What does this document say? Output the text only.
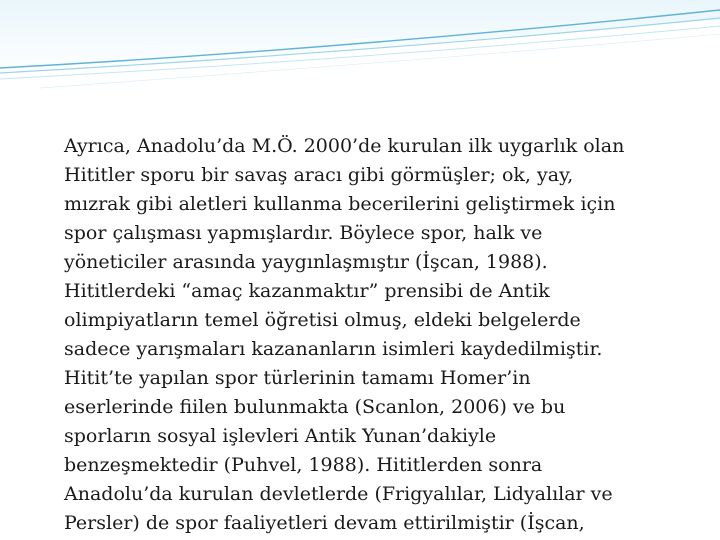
Ayrıca, Anadolu’da M.Ö. 2000’de kurulan ilk uygarlık olan
Hititler sporu bir savaş aracı gibi görmüşler; ok, yay,
mızrak gibi aletleri kullanma becerilerini geliştirmek için
spor çalışması yapmışlardır. Böylece spor, halk ve
yöneticiler arasında yaygınlaşmıştır (İşcan, 1988).
Hititlerdeki “amaç kazanmaktır” prensibi de Antik
olimpiyatların temel öğretisi olmuş, eldeki belgelerde
sadece yarışmaları kazananların isimleri kaydedilmiştir.
Hitit’te yapılan spor türlerinin tamamı Homer’in
eserlerinde fiilen bulunmakta (Scanlon, 2006) ve bu
sporların sosyal işlevleri Antik Yunan’dakiyle
benzeşmektedir (Puhvel, 1988). Hititlerden sonra
Anadolu’da kurulan devletlerde (Frigyalılar, Lidyalılar ve
Persler) de spor faaliyetleri devam ettirilmiştir (İşcan,
